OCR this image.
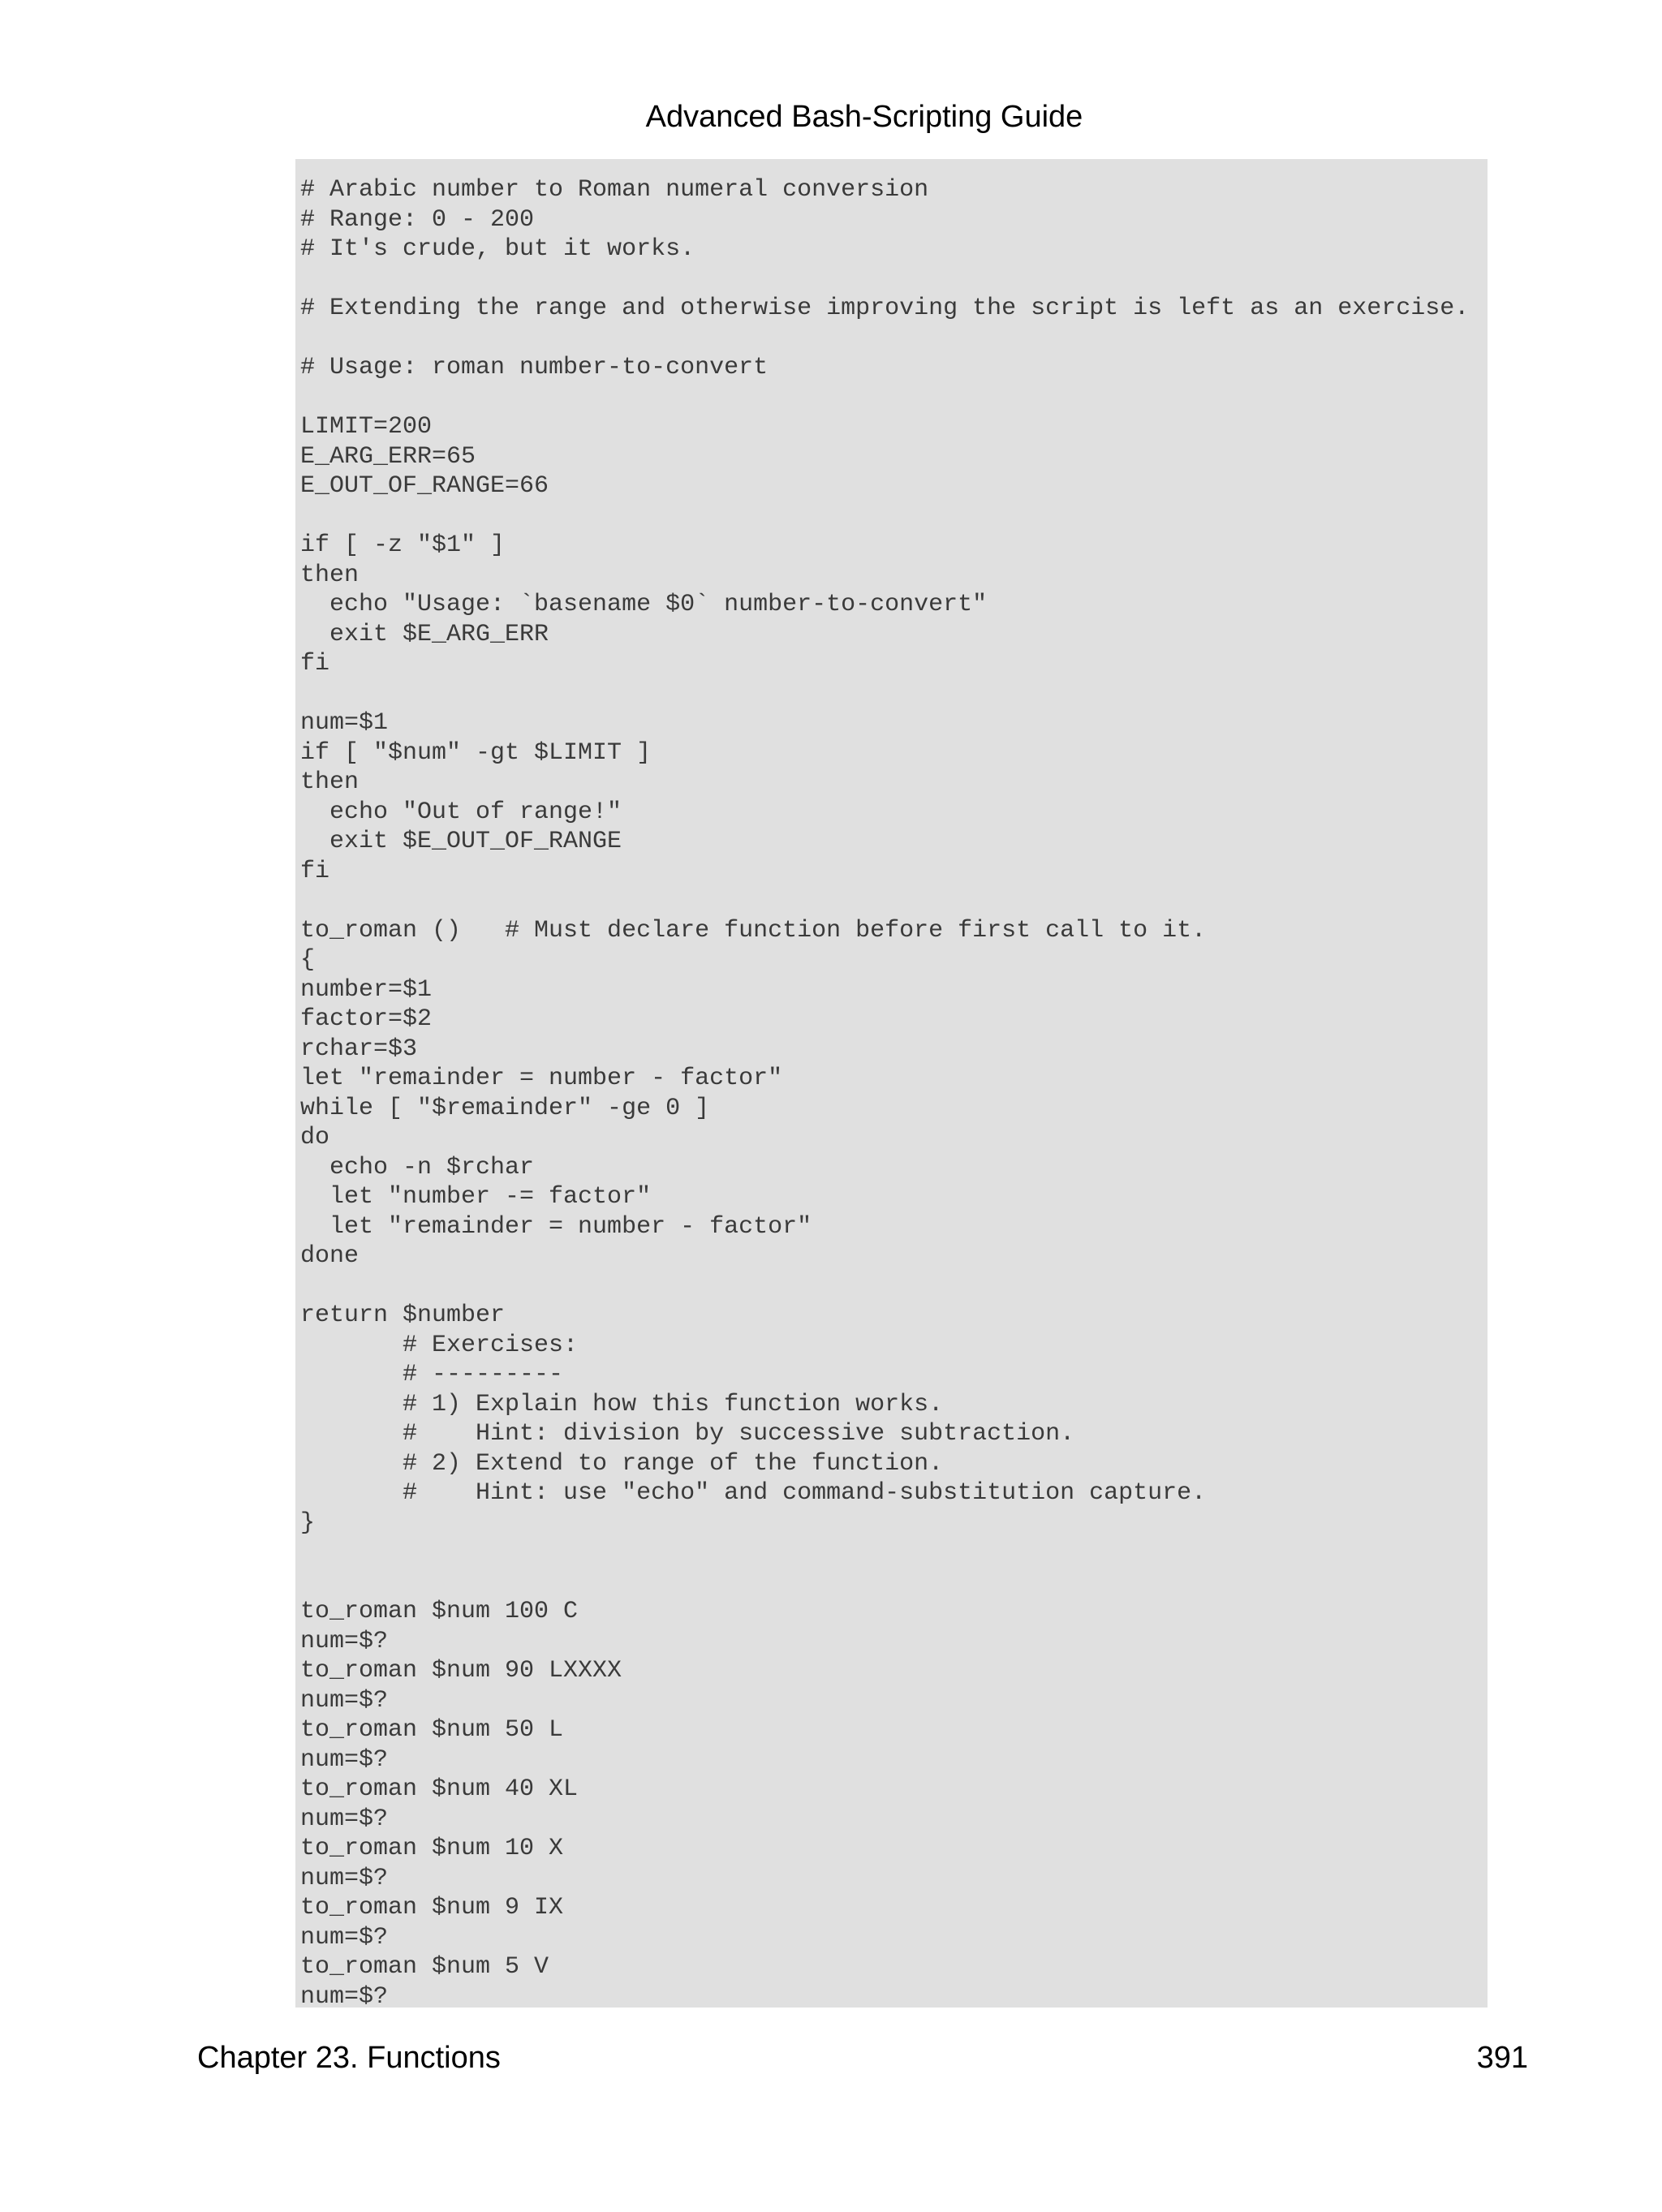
Advanced Bash-Scripting Guide
# Arabic number to Roman numeral conversion
# Range: 0 - 200
# It's crude, but it works.
# Extending the range and otherwise improving the script is left as an exercise.
# Usage: roman number-to-convert
LIMIT=200
E_ARG_ERR=65
E_OUT_OF_RANGE=66
if [ -z "$1" ]
then
echo "Usage: `basename $0` number-to-convert"
exit $E_ARG_ERR
fi
num=$1
if [ "$num" -gt $LIMIT ]
then
echo "Out of range!"
exit $E_OUT_OF_RANGE
fi
to_roman ()   # Must declare function before first call to it.
{
number=$1
factor=$2
rchar=$3
let "remainder = number - factor"
while [ "$remainder" -ge 0 ]
do
echo -n $rchar
let "number -= factor"
let "remainder = number - factor"
done
return $number
# Exercises:
# ---------
# 1) Explain how this function works.
#    Hint: division by successive subtraction.
# 2) Extend to range of the function.
#    Hint: use "echo" and command-substitution capture.
}
to_roman $num 100 C
num=$?
to_roman $num 90 LXXXX
num=$?
to_roman $num 50 L
num=$?
to_roman $num 40 XL
num=$?
to_roman $num 10 X
num=$?
to_roman $num 9 IX
num=$?
to_roman $num 5 V
num=$?
Chapter 23. Functions	391
